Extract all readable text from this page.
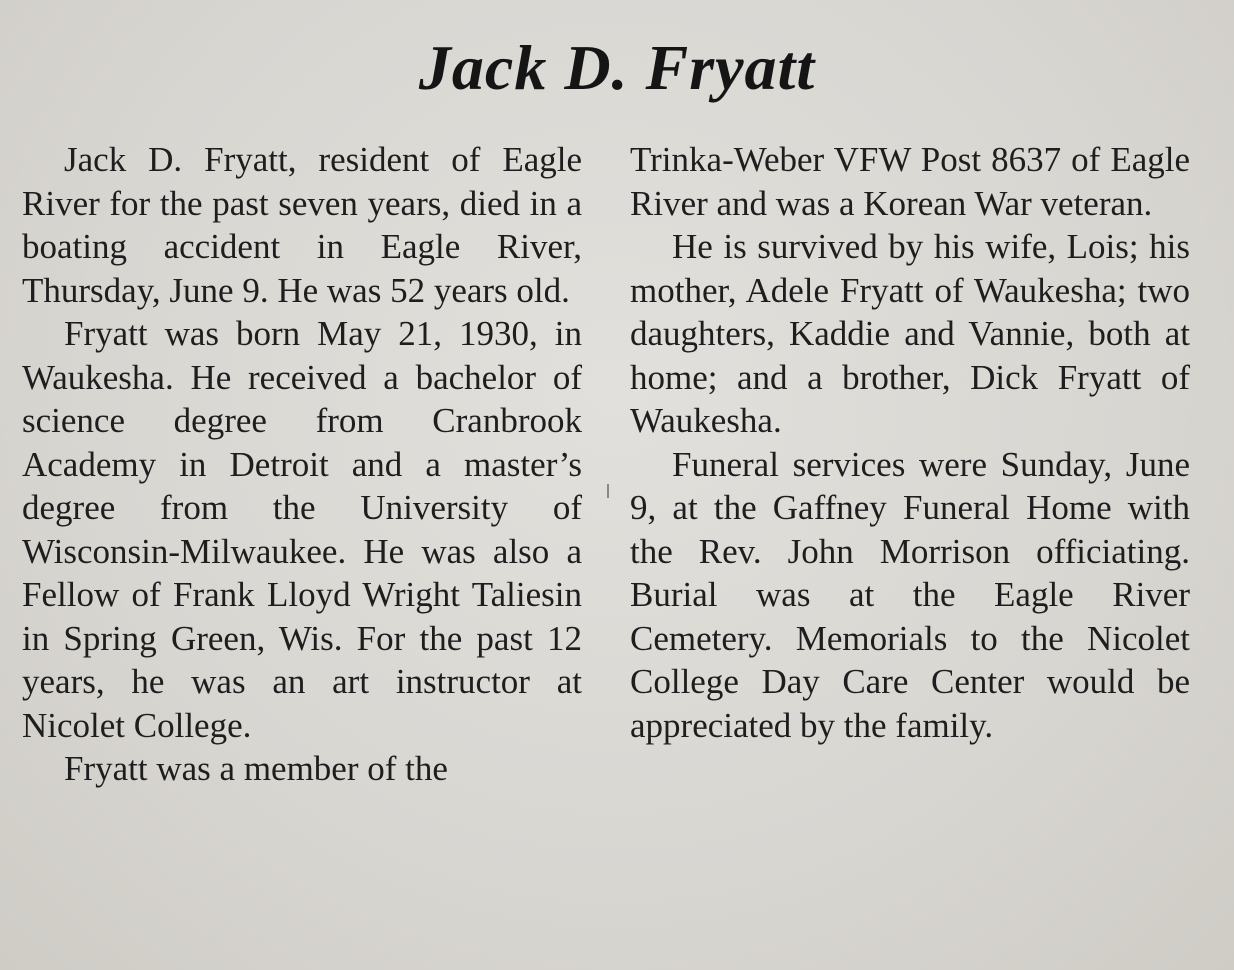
Jack D. Fryatt

Jack D. Fryatt, resident of Eagle River for the past seven years, died in a boating accident in Eagle River, Thursday, June 9. He was 52 years old.

Fryatt was born May 21, 1930, in Waukesha. He received a bachelor of science degree from Cranbrook Academy in Detroit and a master’s degree from the University of Wisconsin-Milwaukee. He was also a Fellow of Frank Lloyd Wright Taliesin in Spring Green, Wis. For the past 12 years, he was an art instructor at Nicolet College.

Fryatt was a member of the

Trinka-Weber VFW Post 8637 of Eagle River and was a Korean War veteran.

He is survived by his wife, Lois; his mother, Adele Fryatt of Waukesha; two daughters, Kaddie and Vannie, both at home; and a brother, Dick Fryatt of Waukesha.

Funeral services were Sunday, June 9, at the Gaffney Funeral Home with the Rev. John Morrison officiating. Burial was at the Eagle River Cemetery. Memorials to the Nicolet College Day Care Center would be appreciated by the family.
